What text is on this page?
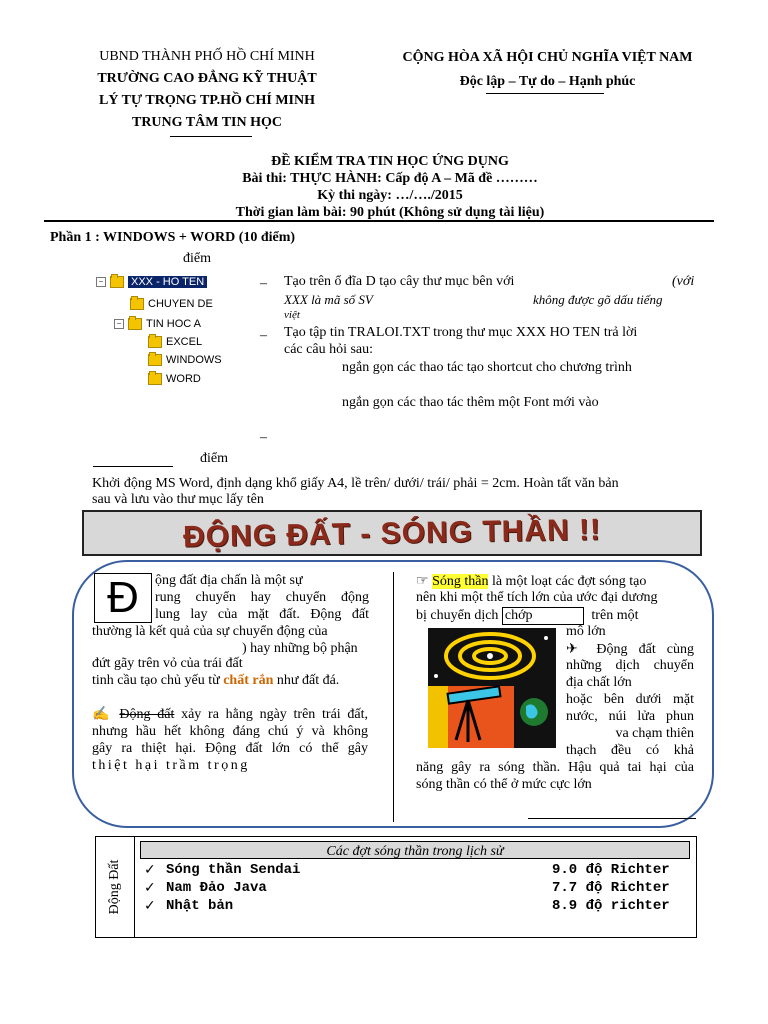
UBND THÀNH PHỐ HỒ CHÍ MINH
TRƯỜNG CAO ĐẲNG KỸ THUẬT
LÝ TỰ TRỌNG TP.HỒ CHÍ MINH
TRUNG TÂM TIN HỌC
CỘNG HÒA XÃ HỘI CHỦ NGHĨA VIỆT NAM
Độc lập – Tự do – Hạnh phúc
ĐỀ KIỂM TRA TIN HỌC ỨNG DỤNG
Bài thi: THỰC HÀNH: Cấp độ A – Mã đề ………
Kỳ thi ngày: …/…./2015
Thời gian làm bài: 90 phút (Không sử dụng tài liệu)
Phần 1 : WINDOWS + WORD (10 điểm)
điểm
−	XXX - HO TEN
CHUYEN DE
− TIN HOC A
EXCEL
WINDOWS
WORD
– Tạo trên ổ đĩa D tạo cây thư mục bên với	(với
XXX là mã số SV	không được gõ dấu tiếng
việt
– Tạo tập tin TRALOI.TXT trong thư mục XXX HO TEN trả lời
các câu hỏi sau:
ngắn gọn các thao tác tạo shortcut cho chương trình
ngắn gọn các thao tác thêm một Font mới vào
–
điểm
Khởi động MS Word, định dạng khổ giấy A4, lề trên/ dưới/ trái/ phải = 2cm. Hoàn tất văn bản
sau và lưu vào thư mục lấy tên
ĐỘNG ĐẤT - SÓNG THẦN !!
Đ	ộng đất địa chấn là một sự
rung chuyển hay chuyển động
lung lay của mặt đất. Động đất
thường là kết quả của sự chuyển động của
) hay những bộ phận
đứt gãy trên vỏ của trái đất
tinh cầu tạo chủ yếu từ chất rắn như đất đá.
✍ Động đất xảy ra hằng ngày trên trái đất,
nhưng hầu hết không đáng chú ý và không
gây ra thiệt hại. Động đất lớn có thể gây
thiệt hại trầm trọng
☞ Sóng thần là một loạt các đợt sóng tạo
nên khi một thể tích lớn của ước đại dương
bị chuyển dịch chớp	trên một
mô lớn
✈ Động đất cùng
những dịch chuyển
địa chất lớn
hoặc bên dưới mặt
nước, núi lửa phun
va chạm thiên
thạch đều có khả
năng gây ra sóng thần. Hậu quả tai hại của
sóng thần có thể ở mức cực lớn
Động Đất
Các đợt sóng thần trong lịch sử
✓ Sóng thần Sendai	9.0 độ Richter
✓ Nam Đảo Java	7.7 độ Richter
✓ Nhật bản	8.9 độ richter
